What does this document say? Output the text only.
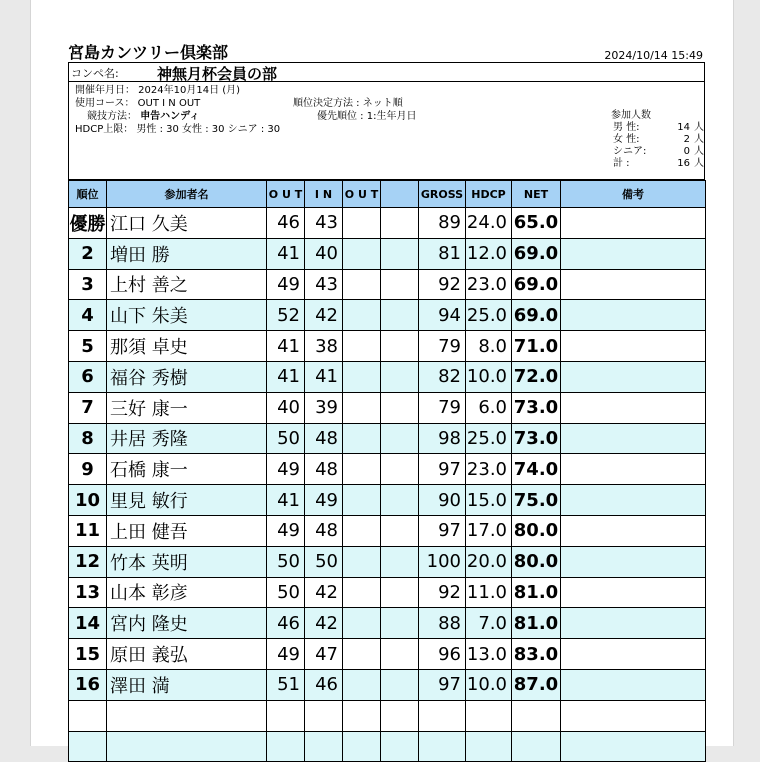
宮島カンツリー倶楽部	2024/10/14 15:49
コンペ名:	神無月杯会員の部
開催年月日： 2024年10月14日 (月)
使用コース： OUT I N OUT
競技方法： 申告ハンディ
HDCP上限： 男性 : 30 女性 : 30 シニア : 30
順位決定方法 : ネット順
優先順位 : 1:生年月日	参加人数
男 性:	14 人
女 性:	2 人
シニア:	0 人
計 :	16 人
順位	参加者名	O U T	I N	O U T		GROSS	HDCP	NET	備考
優勝	江口 久美	46	43			89	24.0	65.0	
2	増田 勝	41	40			81	12.0	69.0	
3	上村 善之	49	43			92	23.0	69.0	
4	山下 朱美	52	42			94	25.0	69.0	
5	那須 卓史	41	38			79	8.0	71.0	
6	福谷 秀樹	41	41			82	10.0	72.0	
7	三好 康一	40	39			79	6.0	73.0	
8	井居 秀隆	50	48			98	25.0	73.0	
9	石橋 康一	49	48			97	23.0	74.0	
10	里見 敏行	41	49			90	15.0	75.0	
11	上田 健吾	49	48			97	17.0	80.0	
12	竹本 英明	50	50			100	20.0	80.0	
13	山本 彰彦	50	42			92	11.0	81.0	
14	宮内 隆史	46	42			88	7.0	81.0	
15	原田 義弘	49	47			96	13.0	83.0	
16	澤田 満	51	46			97	10.0	87.0	
